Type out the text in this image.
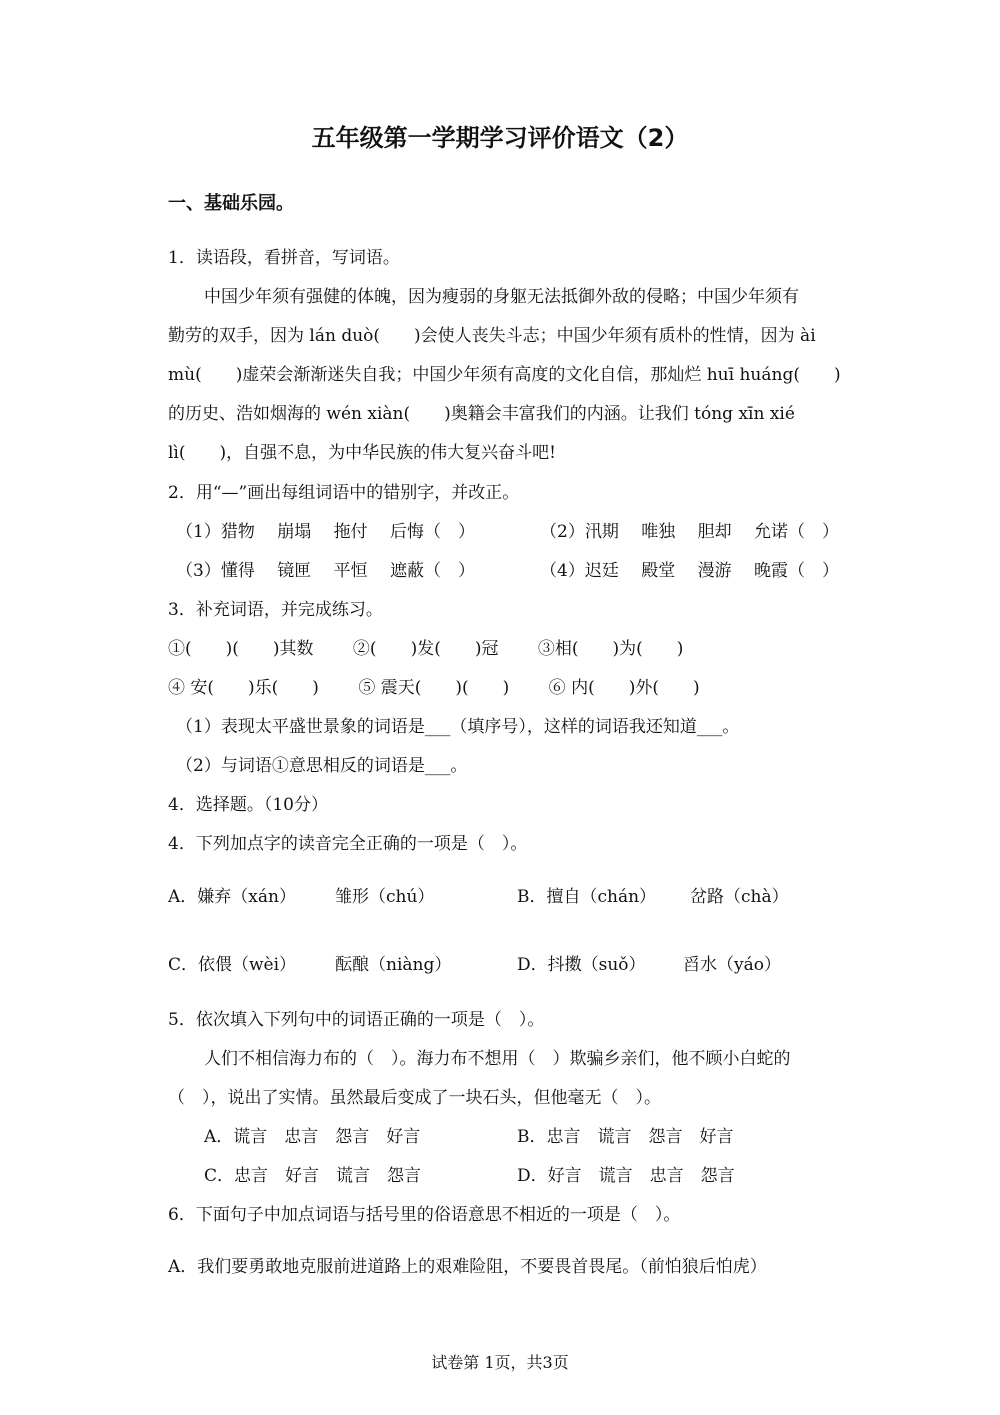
五年级第一学期学习评价语文（2）
一、基础乐园。
1．读语段，看拼音，写词语。
中国少年须有强健的体魄，因为瘦弱的身躯无法抵御外敌的侵略；中国少年须有
勤劳的双手，因为 lán duò(　　)会使人丧失斗志；中国少年须有质朴的性情，因为 ài
mù(　　)虚荣会渐渐迷失自我；中国少年须有高度的文化自信，那灿烂 huī huáng(　　)
的历史、浩如烟海的 wén xiàn(　　)奥籍会丰富我们的内涵。让我们 tóng xīn xié
lì(　　)，自强不息，为中华民族的伟大复兴奋斗吧!
2．用“—”画出每组词语中的错别字，并改正。
（1）猎物　 崩塌　 拖付　 后悔（　）	（2）汛期　 唯独　 胆却　 允诺（　）
（3）懂得　 镜匣　 平恒　 遮蔽（　）	（4）迟廷　 殿堂　 漫游　 晚霞（　）
3．补充词语，并完成练习。
①(　　)(　　)其数　　 ②(　　)发(　　)冠　　 ③相(　　)为(　　)
④ 安(　　)乐(　　)　　 ⑤ 震天(　　)(　　)　　 ⑥ 内(　　)外(　　)
（1）表现太平盛世景象的词语是___（填序号），这样的词语我还知道___。
（2）与词语①意思相反的词语是___。
4．选择题。（10分）
4．下列加点字的读音完全正确的一项是（　）。
A．嫌弃（xán） 雏形（chú）	B．擅自（chán） 岔路（chà）
C．依偎（wèi） 酝酿（niàng）	D．抖擞（suǒ） 舀水（yáo）
5．依次填入下列句中的词语正确的一项是（　）。
人们不相信海力布的（　）。海力布不想用（　）欺骗乡亲们，他不顾小白蛇的
（　），说出了实情。虽然最后变成了一块石头，但他毫无（　）。
A．谎言　忠言　怨言　好言	B．忠言　谎言　怨言　好言
C．忠言　好言　谎言　怨言	D．好言　谎言　忠言　怨言
6．下面句子中加点词语与括号里的俗语意思不相近的一项是（　）。
A．我们要勇敢地克服前进道路上的艰难险阻，不要畏首畏尾。（前怕狼后怕虎）
试卷第 1页，共3页
